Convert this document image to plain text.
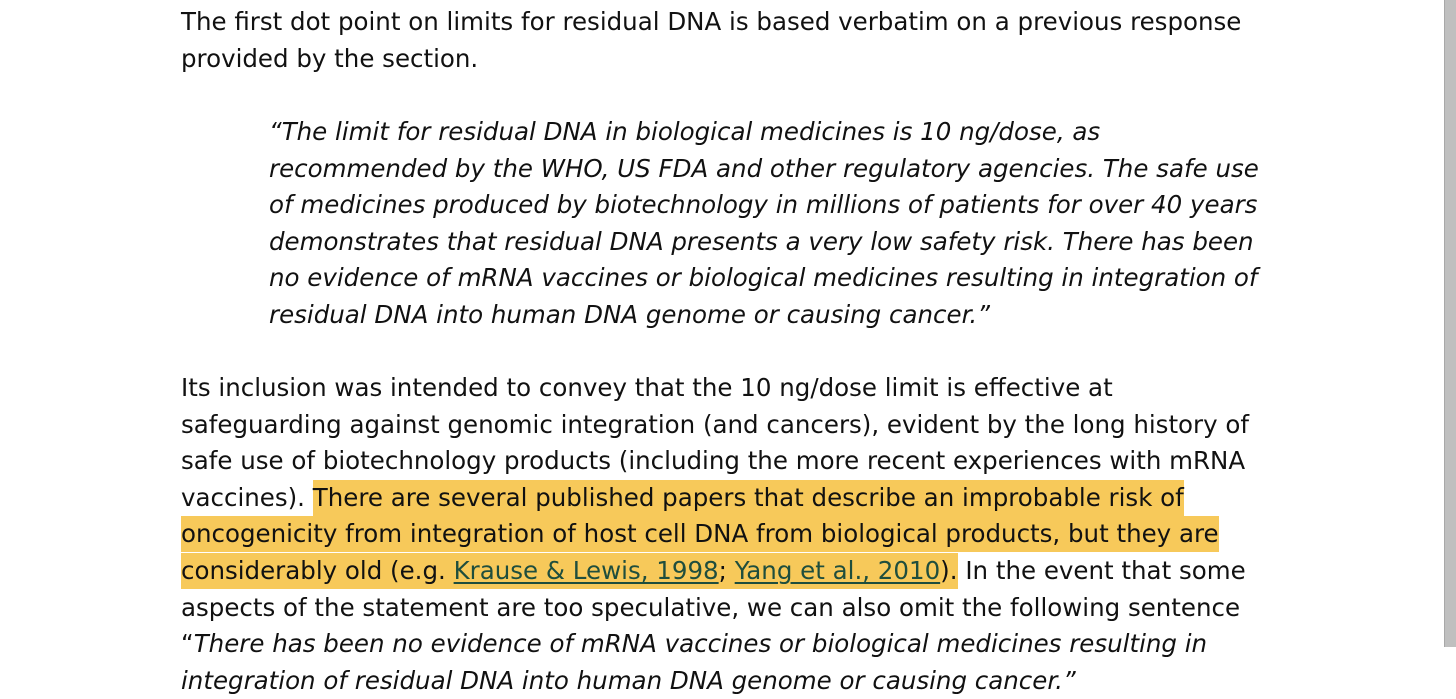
The first dot point on limits for residual DNA is based verbatim on a previous response provided by the section.

“The limit for residual DNA in biological medicines is 10 ng/dose, as recommended by the WHO, US FDA and other regulatory agencies. The safe use of medicines produced by biotechnology in millions of patients for over 40 years demonstrates that residual DNA presents a very low safety risk. There has been no evidence of mRNA vaccines or biological medicines resulting in integration of residual DNA into human DNA genome or causing cancer.”

Its inclusion was intended to convey that the 10 ng/dose limit is effective at safeguarding against genomic integration (and cancers), evident by the long history of safe use of biotechnology products (including the more recent experiences with mRNA vaccines). There are several published papers that describe an improbable risk of oncogenicity from integration of host cell DNA from biological products, but they are considerably old (e.g. Krause & Lewis, 1998; Yang et al., 2010). In the event that some aspects of the statement are too speculative, we can also omit the following sentence “There has been no evidence of mRNA vaccines or biological medicines resulting in integration of residual DNA into human DNA genome or causing cancer.”
